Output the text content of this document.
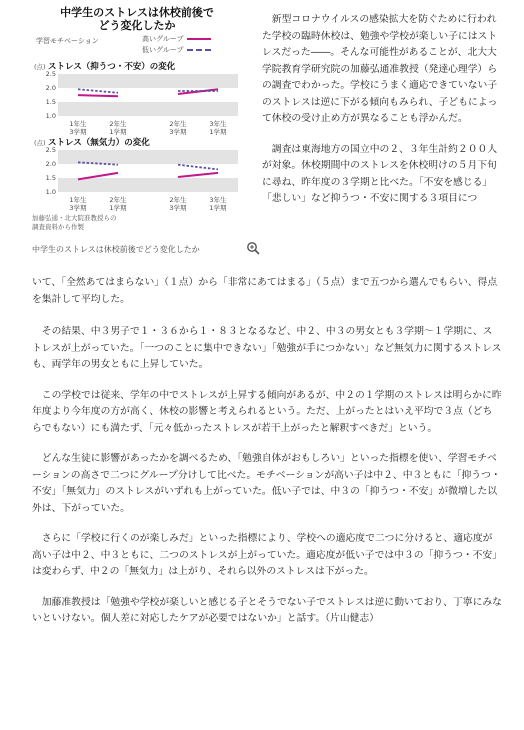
中学生のストレスは休校前後で
どう変化したか
学習モチベーション	高いグループ
低いグループ
(点) ストレス（抑うつ・不安）の変化
2.5
2.0
1.5
1.0
1年生
3学期
2年生
1学期
2年生
3学期
3年生
1学期
(点) ストレス（無気力）の変化
2.5
2.0
1.5
1.0
1年生
3学期
2年生
1学期
2年生
3学期
3年生
1学期
加藤弘通・北大院准教授らの
調査資料から作製
中学生のストレスは休校前後でどう変化したか

新型コロナウイルスの感染拡大を防ぐために行われた学校の臨時休校は、勉強や学校が楽しい子にはストレスだった――。そんな可能性があることが、北大大学院教育学研究院の加藤弘通准教授（発達心理学）らの調査でわかった。学校にうまく適応できていない子のストレスは逆に下がる傾向もみられ、子どもによって休校の受け止め方が異なることも浮かんだ。

調査は東海地方の国立中の２、３年生計約２００人が対象。休校期間中のストレスを休校明けの５月下旬に尋ね、昨年度の３学期と比べた。「不安を感じる」「悲しい」など抑うつ・不安に関する３項目につ

いて、「全然あてはまらない」（１点）から「非常にあてはまる」（５点）まで五つから選んでもらい、得点を集計して平均した。

その結果、中３男子で１・３６から１・８３となるなど、中２、中３の男女とも３学期～１学期に、ストレスが上がっていた。「一つのことに集中できない」「勉強が手につかない」など無気力に関するストレスも、両学年の男女ともに上昇していた。

この学校では従来、学年の中でストレスが上昇する傾向があるが、中２の１学期のストレスは明らかに昨年度より今年度の方が高く、休校の影響と考えられるという。ただ、上がったとはいえ平均で３点（どちらでもない）にも満たず、「元々低かったストレスが若干上がったと解釈すべきだ」という。

どんな生徒に影響があったかを調べるため、「勉強自体がおもしろい」といった指標を使い、学習モチベーションの高さで二つにグループ分けして比べた。モチベーションが高い子は中２、中３ともに「抑うつ・不安」「無気力」のストレスがいずれも上がっていた。低い子では、中３の「抑うつ・不安」が微増した以外は、下がっていた。

さらに「学校に行くのが楽しみだ」といった指標により、学校への適応度で二つに分けると、適応度が高い子は中２、中３ともに、二つのストレスが上がっていた。適応度が低い子では中３の「抑うつ・不安」は変わらず、中２の「無気力」は上がり、それら以外のストレスは下がった。

加藤准教授は「勉強や学校が楽しいと感じる子とそうでない子でストレスは逆に動いており、丁寧にみないといけない。個人差に対応したケアが必要ではないか」と話す。（片山健志）
